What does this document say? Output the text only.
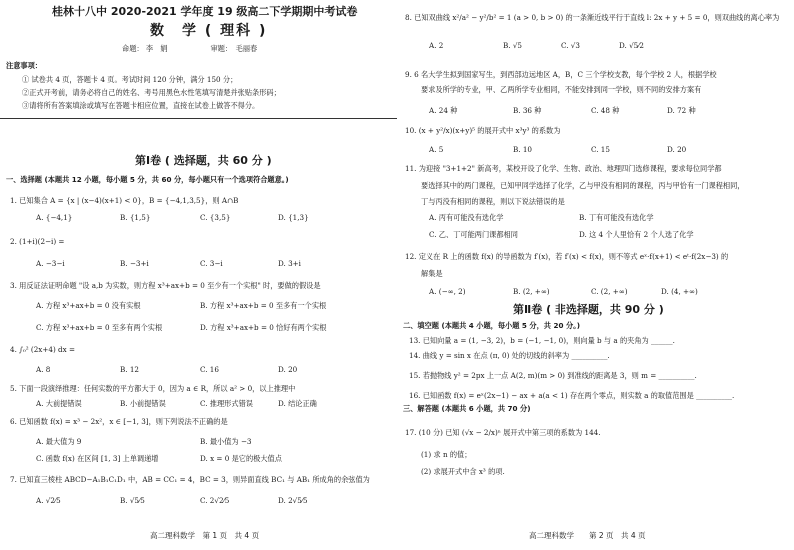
桂林十八中 2020-2021 学年度 19 级高二下学期期中考试卷
数　学 ( 理科 )
命题： 李　娟　　　　　　审题：　毛丽春
注意事项：
① 试卷共 4 页，答题卡 4 页。考试时间 120 分钟，满分 150 分；
②正式开考前，请务必将自己的姓名、考号用黑色水性笔填写清楚并张贴条形码；
③请将所有答案填涂或填写在答题卡相应位置，直接在试卷上做答不得分。
第Ⅰ卷 ( 选择题，共 60 分 )
一、选择题 (本题共 12 小题，每小题 5 分，共 60 分，每小题只有一个选项符合题意。)
1. 已知集合 A = {x | (x−4)(x+1) < 0}，B = {−4,1,3,5}，则 A∩B
A. {−4,1}	B. {1,5}	C. {3,5}	D. {1,3}
2. (1+i)(2−i) =
A. −3−i	B. −3+i	C. 3−i	D. 3+i
3. 用反证法证明命题 "设 a,b 为实数，则方程 x³+ax+b = 0 至少有一个实根" 时，要做的假设是
A. 方程 x³+ax+b = 0 没有实根	B. 方程 x³+ax+b = 0 至多有一个实根
C. 方程 x³+ax+b = 0 至多有两个实根	D. 方程 x³+ax+b = 0 恰好有两个实根
4. ∫₀² (2x+4) dx =
A. 8	B. 12	C. 16	D. 20
5. 下面一段演绎推理：任何实数的平方都大于 0，因为 a ∈ R，所以 a² > 0，以上推理中
A. 大前提错误	B. 小前提错误	C. 推理形式错误	D. 结论正确
6. 已知函数 f(x) = x³ − 2x²，x ∈ [−1, 3]，则下列说法不正确的是
A. 最大值为 9	B. 最小值为 −3
C. 函数 f(x) 在区间 [1, 3] 上单调递增	D. x = 0 是它的极大值点
7. 已知直三棱柱 ABCD−A₁B₁C₁D₁ 中，AB = CC₁ = 4，BC = 3，则异面直线 BC₁ 与 AB₁ 所成角的余弦值为
A. √2⁄5	B. √5⁄5	C. 2√2⁄5	D. 2√5⁄5
高二理科数学　第 1 页　共 4 页
8. 已知双曲线 x²/a² − y²/b² = 1 (a > 0, b > 0) 的一条渐近线平行于直线 l: 2x + y + 5 = 0，则双曲线的离心率为
A. 2	B. √5	C. √3	D. √5⁄2
9. 6 名大学生拟到国家写生，到西部边远地区 A，B，C 三个学校支教，每个学校 2 人，根据学校
要求及所学的专业，甲、乙两所学专业相同，不能安排到同一学校，则不同的安排方案有
A. 24 种	B. 36 种	C. 48 种	D. 72 种
10. (x + y²/x)(x+y)⁵ 的展开式中 x³y³ 的系数为
A. 5	B. 10	C. 15	D. 20
11. 为迎接 "3+1+2" 新高考，某校开设了化学、生物、政治、地理四门选修课程，要求每位同学都
要选择其中的两门课程，已知甲同学选择了化学，乙与甲没有相同的课程，丙与甲恰有一门课程相同，
丁与丙没有相同的课程，则以下说法错误的是
A. 丙有可能没有选化学	B. 丁有可能没有选化学
C. 乙、丁可能两门课都相同	D. 这 4 个人里恰有 2 个人选了化学
12. 定义在 R 上的函数 f(x) 的导函数为 f′(x)，若 f′(x) < f(x)，则不等式 eˣ·f(x+1) < eᵗ·f(2x−3) 的
解集是
A. (−∞, 2)	B. (2, +∞)	C. (2, +∞)	D. (4, +∞)
第Ⅱ卷 ( 非选择题，共 90 分 )
二、填空题 (本题共 4 小题，每小题 5 分，共 20 分。)
13. 已知向量 a = (1, −3, 2)，b = (−1, −1, 0)，则向量 b 与 a 的夹角为 ______.
14. 曲线 y = sin x 在点 (π, 0) 处的切线的斜率为 __________.
15. 若抛物线 y² = 2px 上一点 A(2, m)(m > 0) 到准线的距离是 3，则 m = __________.
16. 已知函数 f(x) = eˣ(2x−1) − ax + a(a < 1) 存在两个零点，则实数 a 的取值范围是 __________.
三、解答题 (本题共 6 小题，共 70 分)
17. (10 分) 已知 (√x − 2/x)ⁿ 展开式中第三项的系数为 144.
(1) 求 n 的值；
(2) 求展开式中含 x³ 的项.
高二理科数学　　第 2 页　共 4 页
